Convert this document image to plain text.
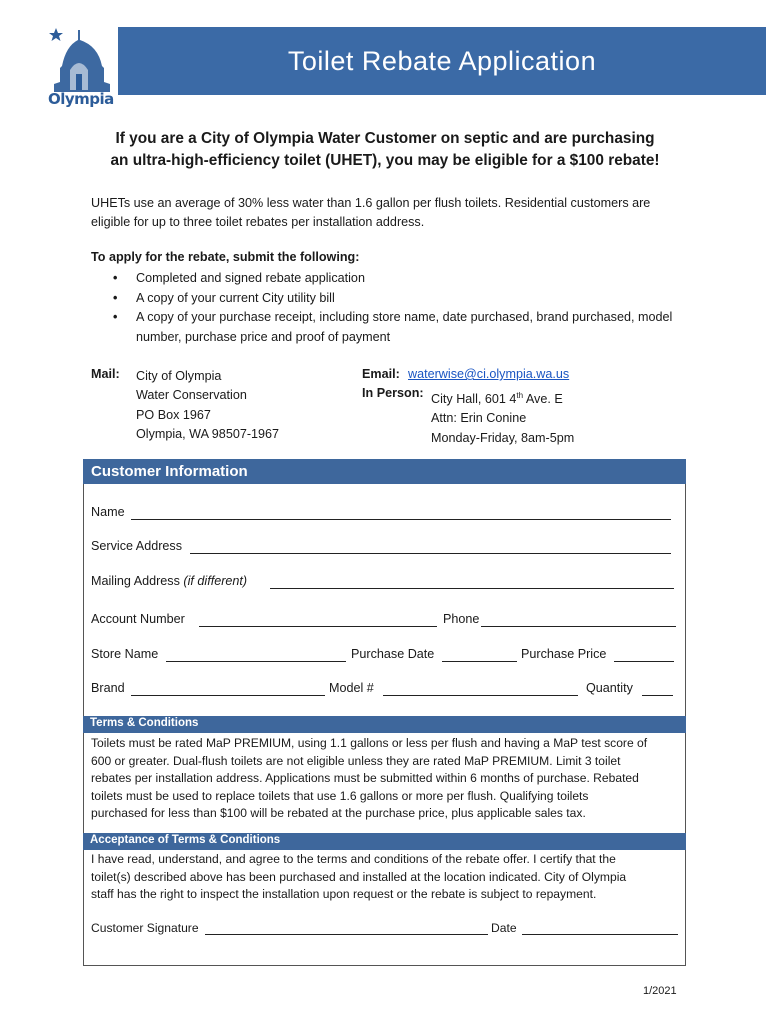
Olympia
Toilet Rebate Application
If you are a City of Olympia Water Customer on septic and are purchasing
an ultra-high-efficiency toilet (UHET), you may be eligible for a $100 rebate!
UHETs use an average of 30% less water than 1.6 gallon per flush toilets. Residential customers are eligible for up to three toilet rebates per installation address.
To apply for the rebate, submit the following:
• Completed and signed rebate application
• A copy of your current City utility bill
• A copy of your purchase receipt, including store name, date purchased, brand purchased, model number, purchase price and proof of payment
Mail: City of Olympia
Water Conservation
PO Box 1967
Olympia, WA 98507-1967
Email: waterwise@ci.olympia.wa.us
In Person: City Hall, 601 4th Ave. E
Attn: Erin Conine
Monday-Friday, 8am-5pm
Customer Information
Name
Service Address
Mailing Address (if different)
Account Number	Phone
Store Name	Purchase Date	Purchase Price
Brand	Model #	Quantity
Terms & Conditions
Toilets must be rated MaP PREMIUM, using 1.1 gallons or less per flush and having a MaP test score of
600 or greater. Dual-flush toilets are not eligible unless they are rated MaP PREMIUM. Limit 3 toilet
rebates per installation address. Applications must be submitted within 6 months of purchase. Rebated
toilets must be used to replace toilets that use 1.6 gallons or more per flush. Qualifying toilets
purchased for less than $100 will be rebated at the purchase price, plus applicable sales tax.
Acceptance of Terms & Conditions
I have read, understand, and agree to the terms and conditions of the rebate offer. I certify that the
toilet(s) described above has been purchased and installed at the location indicated. City of Olympia
staff has the right to inspect the installation upon request or the rebate is subject to repayment.
Customer Signature	Date
1/2021
